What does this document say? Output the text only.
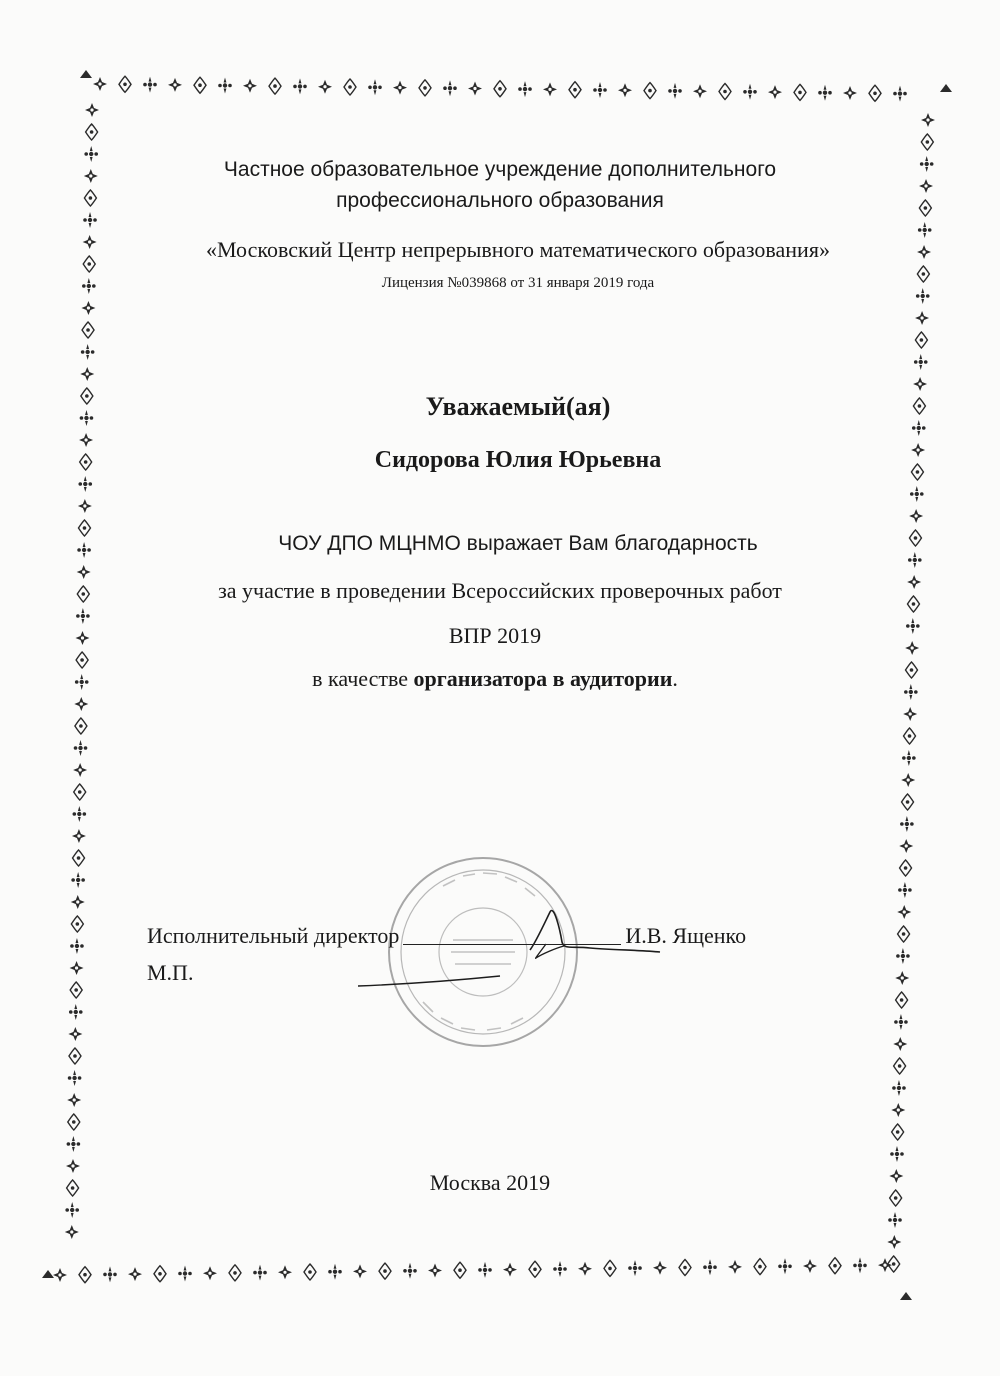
Частное образовательное учреждение дополнительного
профессионального образования
«Московский Центр непрерывного математического образования»
Лицензия №039868 от 31 января 2019 года
Уважаемый(ая)
Сидорова Юлия Юрьевна
ЧОУ ДПО МЦНМО выражает Вам благодарность
за участие в проведении Всероссийских проверочных работ
ВПР 2019
в качестве организатора в аудитории.
Исполнительный директор	И.В. Ященко
М.П.
Москва 2019
